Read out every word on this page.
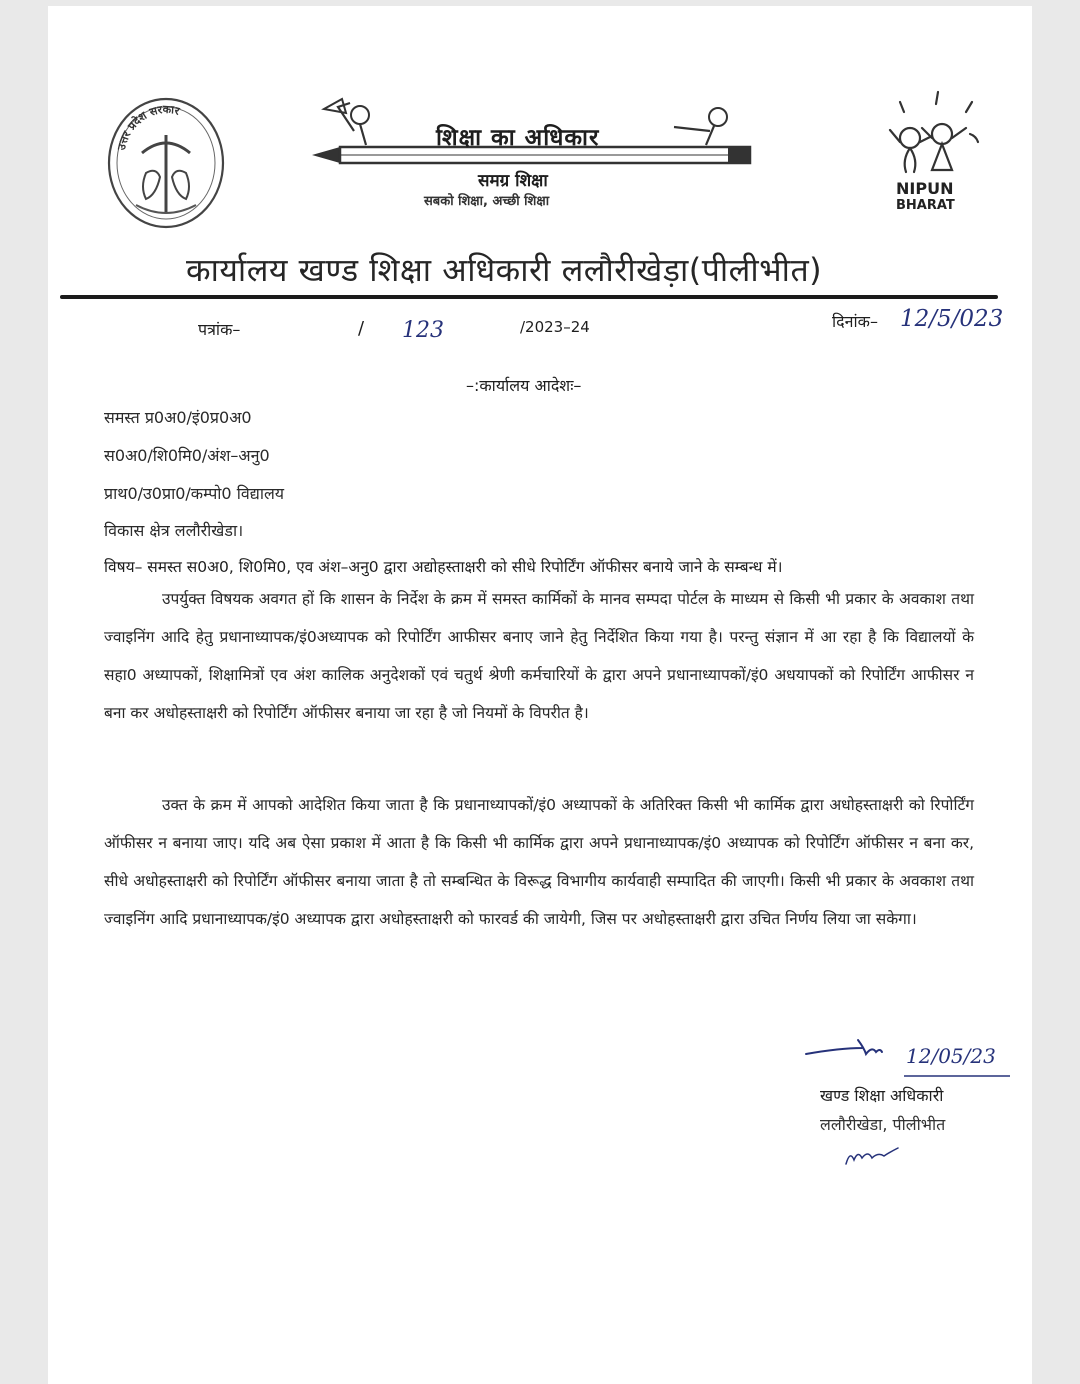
उत्तर प्रदेश सरकार
शिक्षा का अधिकार
समग्र शिक्षा
सबको शिक्षा, अच्छी शिक्षा
NIPUN
BHARAT
कार्यालय खण्ड शिक्षा अधिकारी ललौरीखेड़ा(पीलीभीत)
पत्रांक–	/ 123	/2023–24	दिनांक– 12/5/023
–:कार्यालय आदेशः–
समस्त प्र0अ0/इं0प्र0अ0
स0अ0/शि0मि0/अंश–अनु0
प्राथ0/उ0प्रा0/कम्पो0 विद्यालय
विकास क्षेत्र ललौरीखेडा।
विषय– समस्त स0अ0, शि0मि0, एव अंश–अनु0 द्वारा अद्योहस्ताक्षरी को सीधे रिपोर्टिंग ऑफीसर बनाये जाने के सम्बन्ध में।
उपर्युक्त विषयक अवगत हों कि शासन के निर्देश के क्रम में समस्त कार्मिकों के मानव सम्पदा पोर्टल के माध्यम से किसी भी प्रकार के अवकाश तथा ज्वाइनिंग आदि हेतु प्रधानाध्यापक/इं0अध्यापक को रिपोर्टिंग आफीसर बनाए जाने हेतु निर्देशित किया गया है। परन्तु संज्ञान में आ रहा है कि विद्यालयों के सहा0 अध्यापकों, शिक्षामित्रों एव अंश कालिक अनुदेशकों एवं चतुर्थ श्रेणी कर्मचारियों के द्वारा अपने प्रधानाध्यापकों/इं0 अधयापकों को रिपोर्टिंग आफीसर न बना कर अधोहस्ताक्षरी को रिपोर्टिंग ऑफीसर बनाया जा रहा है जो नियमों के विपरीत है।
उक्त के क्रम में आपको आदेशित किया जाता है कि प्रधानाध्यापकों/इं0 अध्यापकों के अतिरिक्त किसी भी कार्मिक द्वारा अधोहस्ताक्षरी को रिपोर्टिंग ऑफीसर न बनाया जाए। यदि अब ऐसा प्रकाश में आता है कि किसी भी कार्मिक द्वारा अपने प्रधानाध्यापक/इं0 अध्यापक को रिपोर्टिंग ऑफीसर न बना कर, सीधे अधोहस्ताक्षरी को रिपोर्टिंग ऑफीसर बनाया जाता है तो सम्बन्धित के विरूद्ध विभागीय कार्यवाही सम्पादित की जाएगी। किसी भी प्रकार के अवकाश तथा ज्वाइनिंग आदि प्रधानाध्यापक/इं0 अध्यापक द्वारा अधोहस्ताक्षरी को फारवर्ड की जायेगी, जिस पर अधोहस्ताक्षरी द्वारा उचित निर्णय लिया जा सकेगा।
12/05/23
खण्ड शिक्षा अधिकारी
ललौरीखेडा, पीलीभीत
